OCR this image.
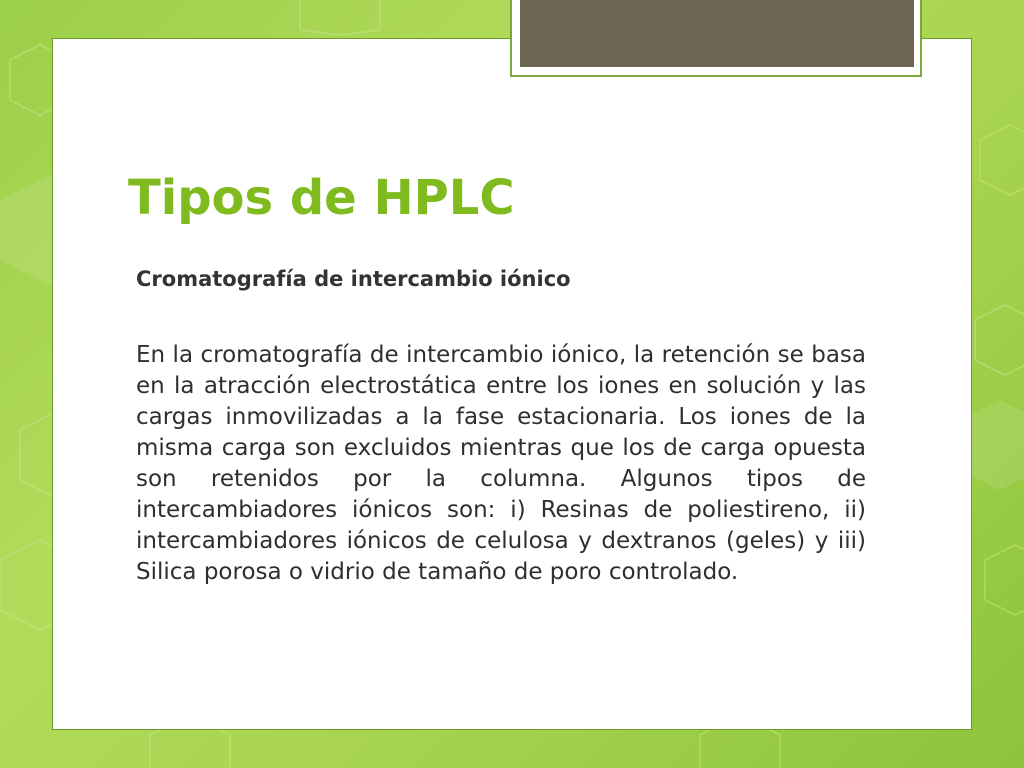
Tipos de HPLC
Cromatografía de intercambio iónico

En la cromatografía de intercambio iónico, la retención se basa en la atracción electrostática entre los iones en solución y las cargas inmovilizadas a la fase estacionaria. Los iones de la misma carga son excluidos mientras que los de carga opuesta son retenidos por la columna. Algunos tipos de intercambiadores iónicos son: i) Resinas de poliestireno, ii) intercambiadores iónicos de celulosa y dextranos (geles) y iii) Silica porosa o vidrio de tamaño de poro controlado.
